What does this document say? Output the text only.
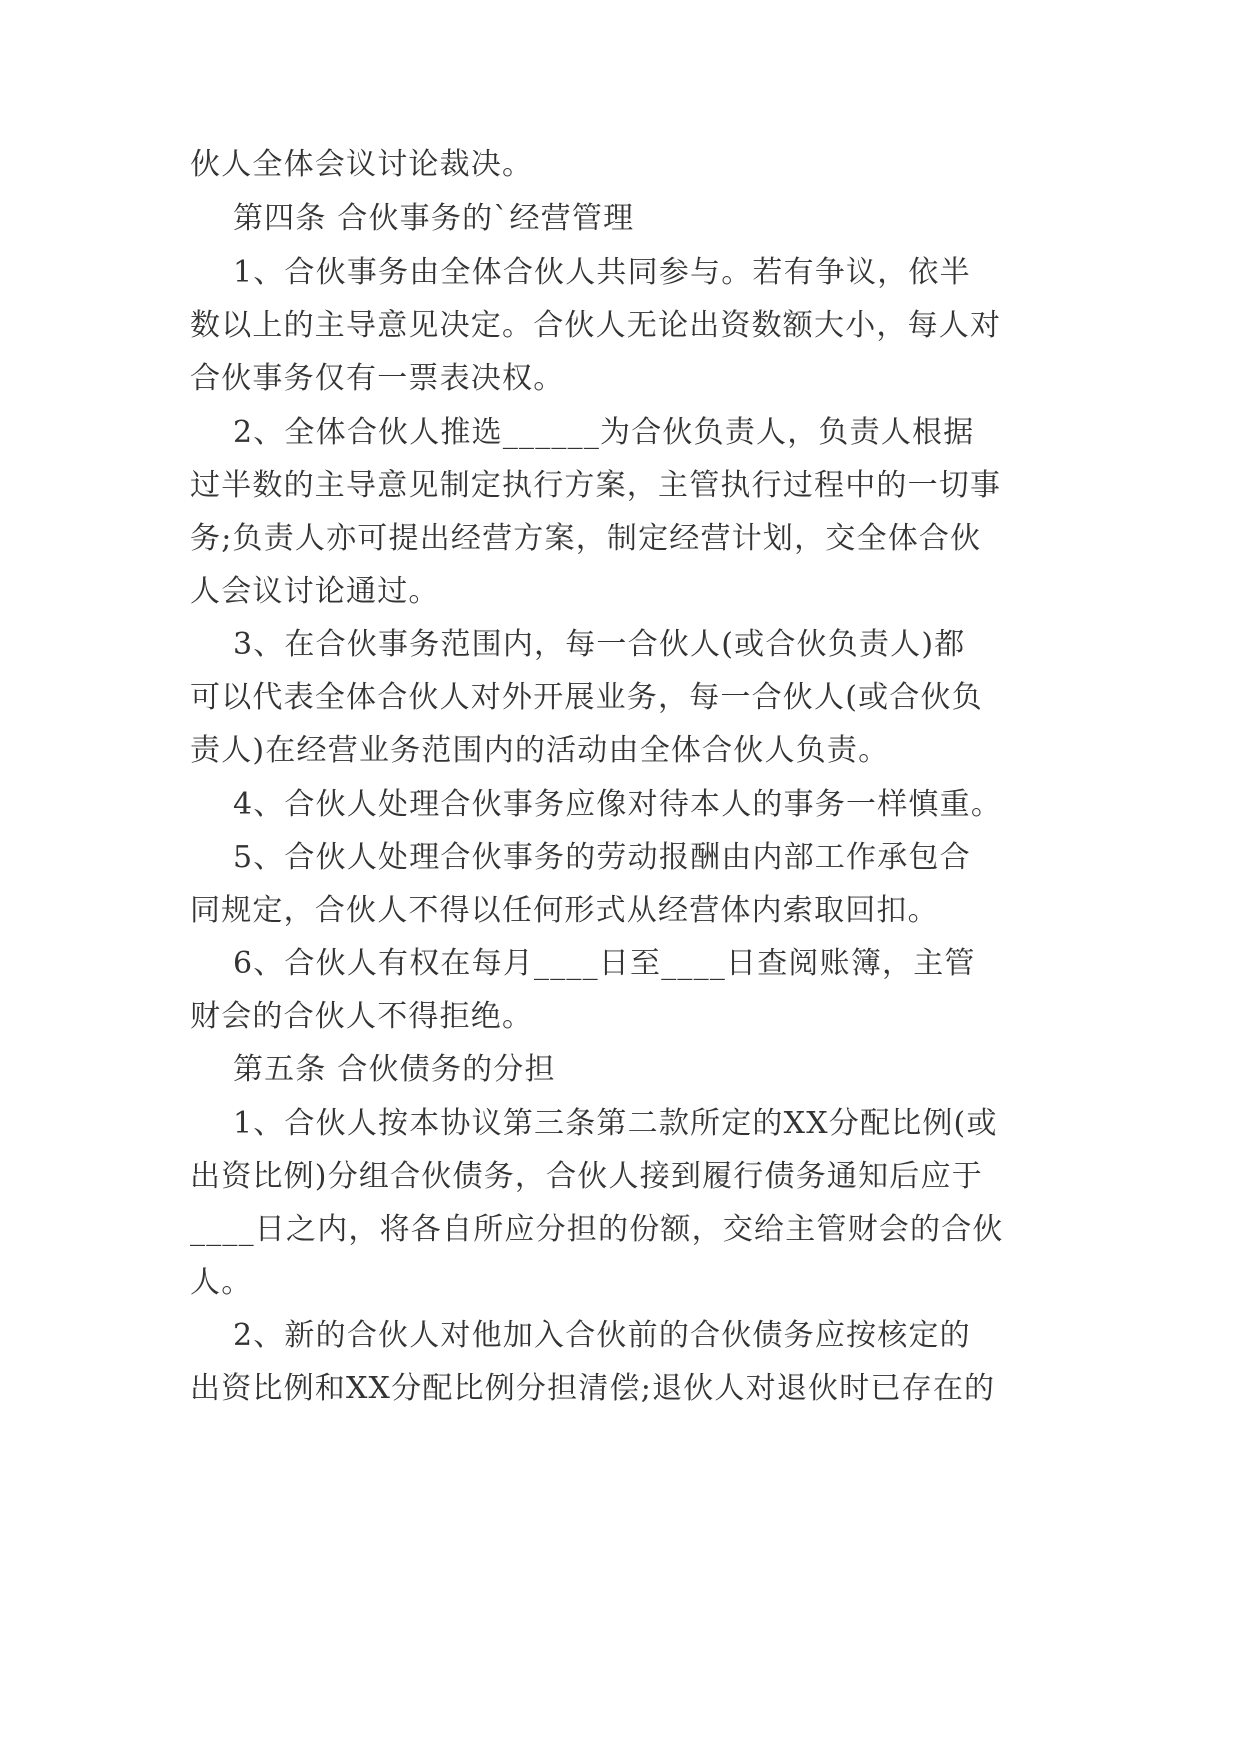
伙人全体会议讨论裁决。
第四条 合伙事务的`经营管理
1、合伙事务由全体合伙人共同参与。若有争议，依半
数以上的主导意见决定。合伙人无论出资数额大小，每人对
合伙事务仅有一票表决权。
2、全体合伙人推选______为合伙负责人，负责人根据
过半数的主导意见制定执行方案，主管执行过程中的一切事
务;负责人亦可提出经营方案，制定经营计划，交全体合伙
人会议讨论通过。
3、在合伙事务范围内，每一合伙人(或合伙负责人)都
可以代表全体合伙人对外开展业务，每一合伙人(或合伙负
责人)在经营业务范围内的活动由全体合伙人负责。
4、合伙人处理合伙事务应像对待本人的事务一样慎重。
5、合伙人处理合伙事务的劳动报酬由内部工作承包合
同规定，合伙人不得以任何形式从经营体内索取回扣。
6、合伙人有权在每月____日至____日查阅账簿，主管
财会的合伙人不得拒绝。
第五条 合伙债务的分担
1、合伙人按本协议第三条第二款所定的XX分配比例(或
出资比例)分组合伙债务，合伙人接到履行债务通知后应于
____日之内，将各自所应分担的份额，交给主管财会的合伙
人。
2、新的合伙人对他加入合伙前的合伙债务应按核定的
出资比例和XX分配比例分担清偿;退伙人对退伙时已存在的
